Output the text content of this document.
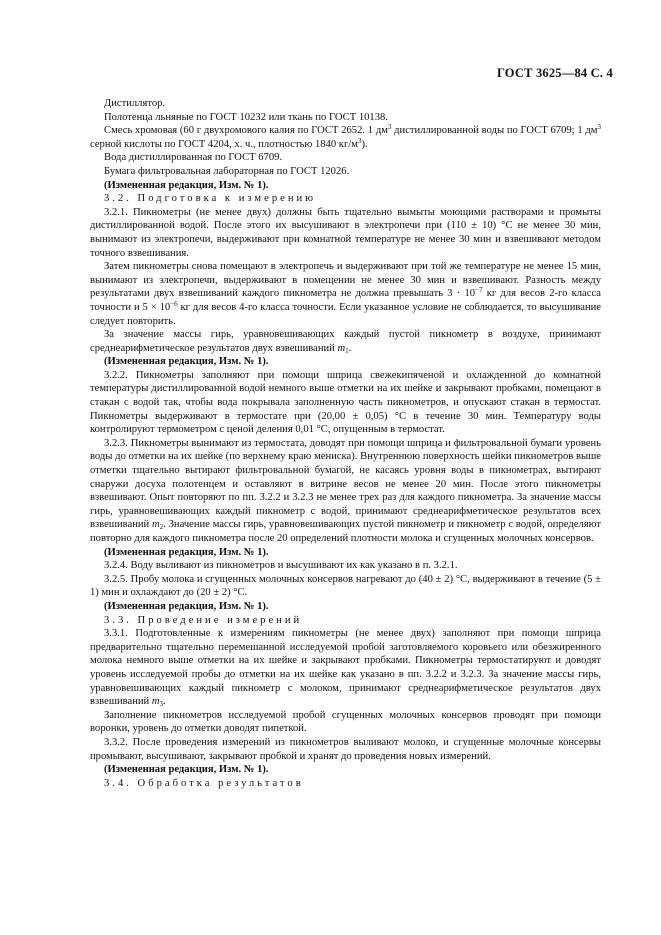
ГОСТ 3625—84 С. 4

Дистиллятор.

Полотенца льняные по ГОСТ 10232 или ткань по ГОСТ 10138.

Смесь хромовая (60 г двухромового калия по ГОСТ 2652. 1 $дм^3$ дистиллированной воды по ГОСТ 6709; 1 $дм^3$ серной кислоты по ГОСТ 4204, х. ч., плотностью 1840 $кг/м^3$).

Вода дистиллированная по ГОСТ 6709.

Бумага фильтровальная лабораторная по ГОСТ 12026.

(Измененная редакция, Изм. № 1).

3.2. Подготовка к измерению

3.2.1. Пикнометры (не менее двух) должны быть тщательно вымыты моющими растворами и промыты дистиллированной водой. После этого их высушивают в электропечи при (110 ± 10) °С не менее 30 мин, вынимают из электропечи, выдерживают при комнатной температуре не менее 30 мин и взвешивают методом точного взвешивания.

Затем пикнометры снова помещают в электропечь и выдерживают при той же температуре не менее 15 мин, вынимают из электропечи, выдерживают в помещении не менее 30 мин и взвешивают. Разность между результатами двух взвешиваний каждого пикнометра не должна превышать $3 \cdot 10^{-7}$ кг для весов 2-го класса точности и $5 \times 10^{-6}$ кг для весов 4-го класса точности. Если указанное условие не соблюдается, то высушивание следует повторить.

За значение массы гирь, уравновешивающих каждый пустой пикнометр в воздухе, принимают среднеарифметическое результатов двух взвешиваний $m_1$.

(Измененная редакция, Изм. № 1).

3.2.2. Пикнометры заполняют при помощи шприца свежекипяченой и охлажденной до комнатной температуры дистиллированной водой немного выше отметки на их шейке и закрывают пробками, помещают в стакан с водой так, чтобы вода покрывала заполненную часть пикнометров, и опускают стакан в термостат. Пикнометры выдерживают в термостате при (20,00 ± 0,05) °С в течение 30 мин. Температуру воды контролируют термометром с ценой деления 0,01 °С, опущенным в термостат.

3.2.3. Пикнометры вынимают из термостата, доводят при помощи шприца и фильтровальной бумаги уровень воды до отметки на их шейке (по верхнему краю мениска). Внутреннюю поверхность шейки пикнометров выше отметки тщательно вытирают фильтровальной бумагой, не касаясь уровня воды в пикнометрах, вытирают снаружи досуха полотенцем и оставляют в витрине весов не менее 20 мин. После этого пикнометры взвешивают. Опыт повторяют по пп. 3.2.2 и 3.2.3 не менее трех раз для каждого пикнометра. За значение массы гирь, уравновешивающих каждый пикнометр с водой, принимают среднеарифметическое результатов всех взвешиваний $m_2$. Значение массы гирь, уравновешивающих пустой пикнометр и пикнометр с водой, определяют повторно для каждого пикнометра после 20 определений плотности молока и сгущенных молочных консервов.

(Измененная редакция, Изм. № 1).

3.2.4. Воду выливают из пикнометров и высушивают их как указано в п. 3.2.1.

3.2.5. Пробу молока и сгущенных молочных консервов нагревают до (40 ± 2) °С, выдерживают в течение (5 ± 1) мин и охлаждают до (20 ± 2) °С.

(Измененная редакция, Изм. № 1).

3.3. Проведение измерений

3.3.1. Подготовленные к измерениям пикнометры (не менее двух) заполняют при помощи шприца предварительно тщательно перемешанной исследуемой пробой заготовляемого коровьего или обезжиренного молока немного выше отметки на их шейке и закрывают пробками. Пикнометры термостатируют и доводят уровень исследуемой пробы до отметки на их шейке как указано в пп. 3.2.2 и 3.2.3. За значение массы гирь, уравновешивающих каждый пикнометр с молоком, принимают среднеарифметическое результатов двух взвешиваний $m_3$.

Заполнение пикнометров исследуемой пробой сгущенных молочных консервов проводят при помощи воронки, уровень до отметки доводят пипеткой.

3.3.2. После проведения измерений из пикнометров выливают молоко, и сгущенные молочные консервы промывают, высушивают, закрывают пробкой и хранят до проведения новых измерений.

(Измененная редакция, Изм. № 1).

3.4. Обработка результатов
